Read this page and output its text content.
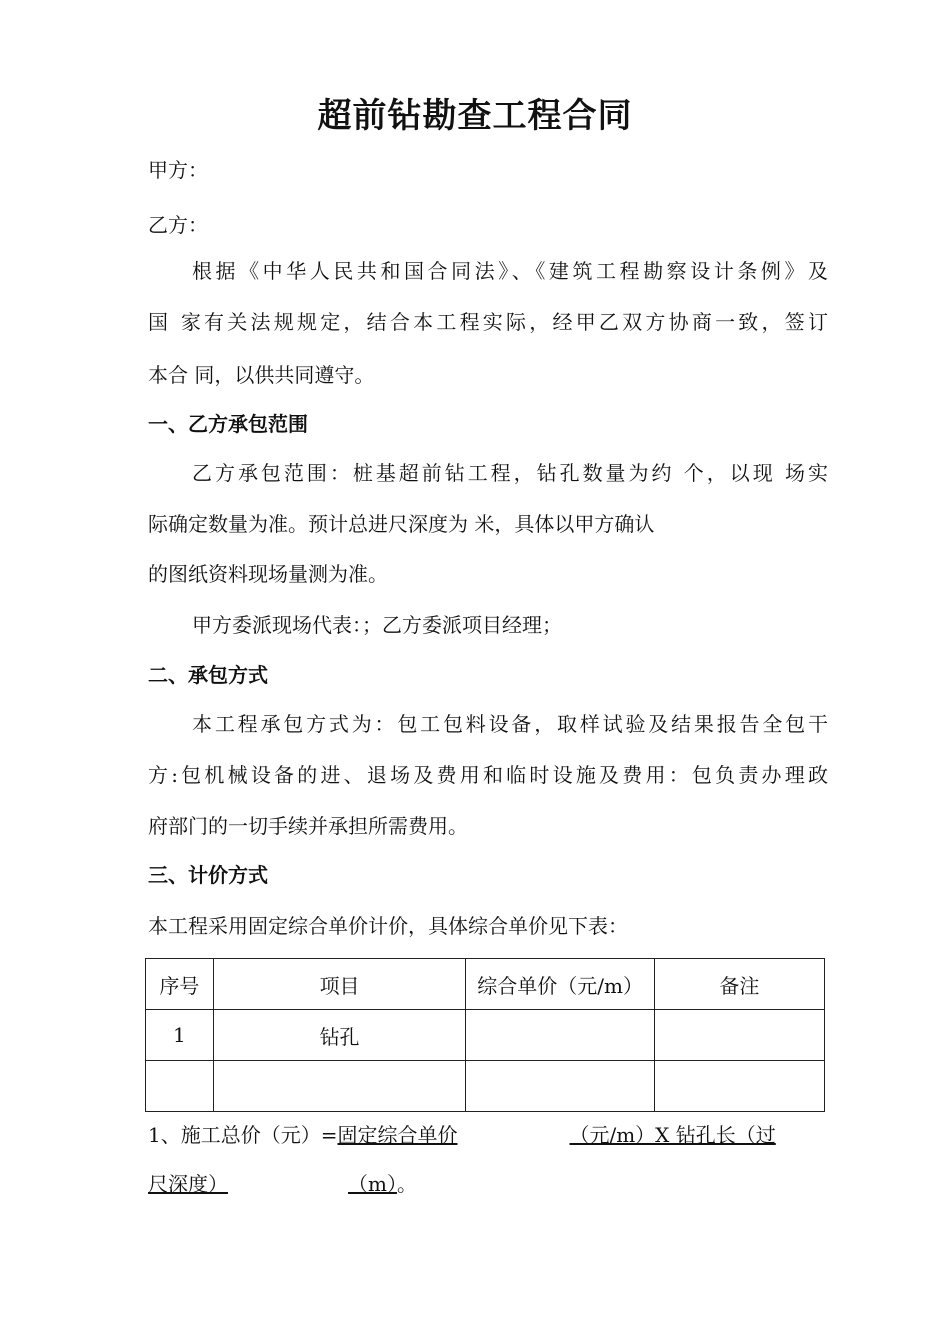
超前钻勘查工程合同
甲方：
乙方：
根据《中华人民共和国合同法》、《建筑工程勘察设计条例》及
国 家有关法规规定，结合本工程实际，经甲乙双方协商一致，签订
本合 同，以供共同遵守。
一、乙方承包范围
乙方承包范围：桩基超前钻工程，钻孔数量为约 个，以现 场实
际确定数量为准。预计总进尺深度为 米，具体以甲方确认
的图纸资料现场量测为准。
甲方委派现场代表：；乙方委派项目经理；
二、承包方式
本工程承包方式为：包工包料设备，取样试验及结果报告全包干
方:包机械设备的进、退场及费用和临时设施及费用：包负责办理政
府部门的一切手续并承担所需费用。
三、计价方式
本工程采用固定综合单价计价，具体综合单价见下表：
序号	项目	综合单价（元/m）	备注
1	钻孔		

1、施工总价（元）=固定综合单价	（元/m）X 钻孔长（过
尺深度）	（m）。
